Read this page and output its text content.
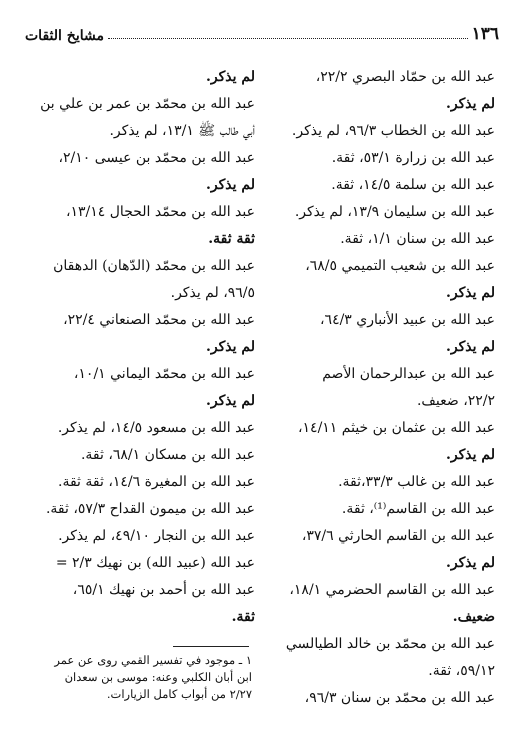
١٣٦
مشايخ الثقات
عبد الله بن حمّاد البصري ٢٢/٢،
لم يذكر.
عبد الله بن الخطاب ٩٦/٣، لم يذكر.
عبد الله بن زرارة ٥٣/١، ثقة.
عبد الله بن سلمة ١٤/٥، ثقة.
عبد الله بن سليمان ١٣/٩، لم يذكر.
عبد الله بن سنان ١/١، ثقة.
عبد الله بن شعيب التميمي ٦٨/٥،
لم يذكر.
عبد الله بن عبيد الأنباري ٦٤/٣،
لم يذكر.
عبد الله بن عبدالرحمان الأصم
٢٢/٢، ضعيف.
عبد الله بن عثمان بن خيثم ١٤/١١،
لم يذكر.
عبد الله بن غالب ٣٣/٣،ثقة.
عبد الله بن القاسم⁽¹⁾، ثقة.
عبد الله بن القاسم الحارثي ٣٧/٦،
لم يذكر.
عبد الله بن القاسم الحضرمي ١٨/١،
ضعيف.
عبد الله بن محمّد بن خالد الطيالسي
٥٩/١٢، ثقة.
عبد الله بن محمّد بن سنان ٩٦/٣،
لم يذكر.
عبد الله بن محمّد بن عمر بن علي بن
أبي طالب ﷺ ١٣/١، لم يذكر.
عبد الله بن محمّد بن عيسى ٢/١٠،
لم يذكر.
عبد الله بن محمّد الحجال ١٣/١٤،
ثقة ثقة.
عبد الله بن محمّد (الدّهان) الدهقان
٩٦/٥، لم يذكر.
عبد الله بن محمّد الصنعاني ٢٢/٤،
لم يذكر.
عبد الله بن محمّد اليماني ١٠/١،
لم يذكر.
عبد الله بن مسعود ١٤/٥، لم يذكر.
عبد الله بن مسكان ٦٨/١، ثقة.
عبد الله بن المغيرة ١٤/٦، ثقة ثقة.
عبد الله بن ميمون القداح ٥٧/٣، ثقة.
عبد الله بن النجار ٤٩/١٠، لم يذكر.
عبد الله (عبيد الله) بن نهيك ٢/٣ =
عبد الله بن أحمد بن نهيك ٦٥/١،
ثقة.
١ ـ موجود في تفسير القمي روى عن عمر
ابن أبان الكلبي وعنه: موسى بن سعدان
٢/٢٧ من أبواب كامل الزيارات.
